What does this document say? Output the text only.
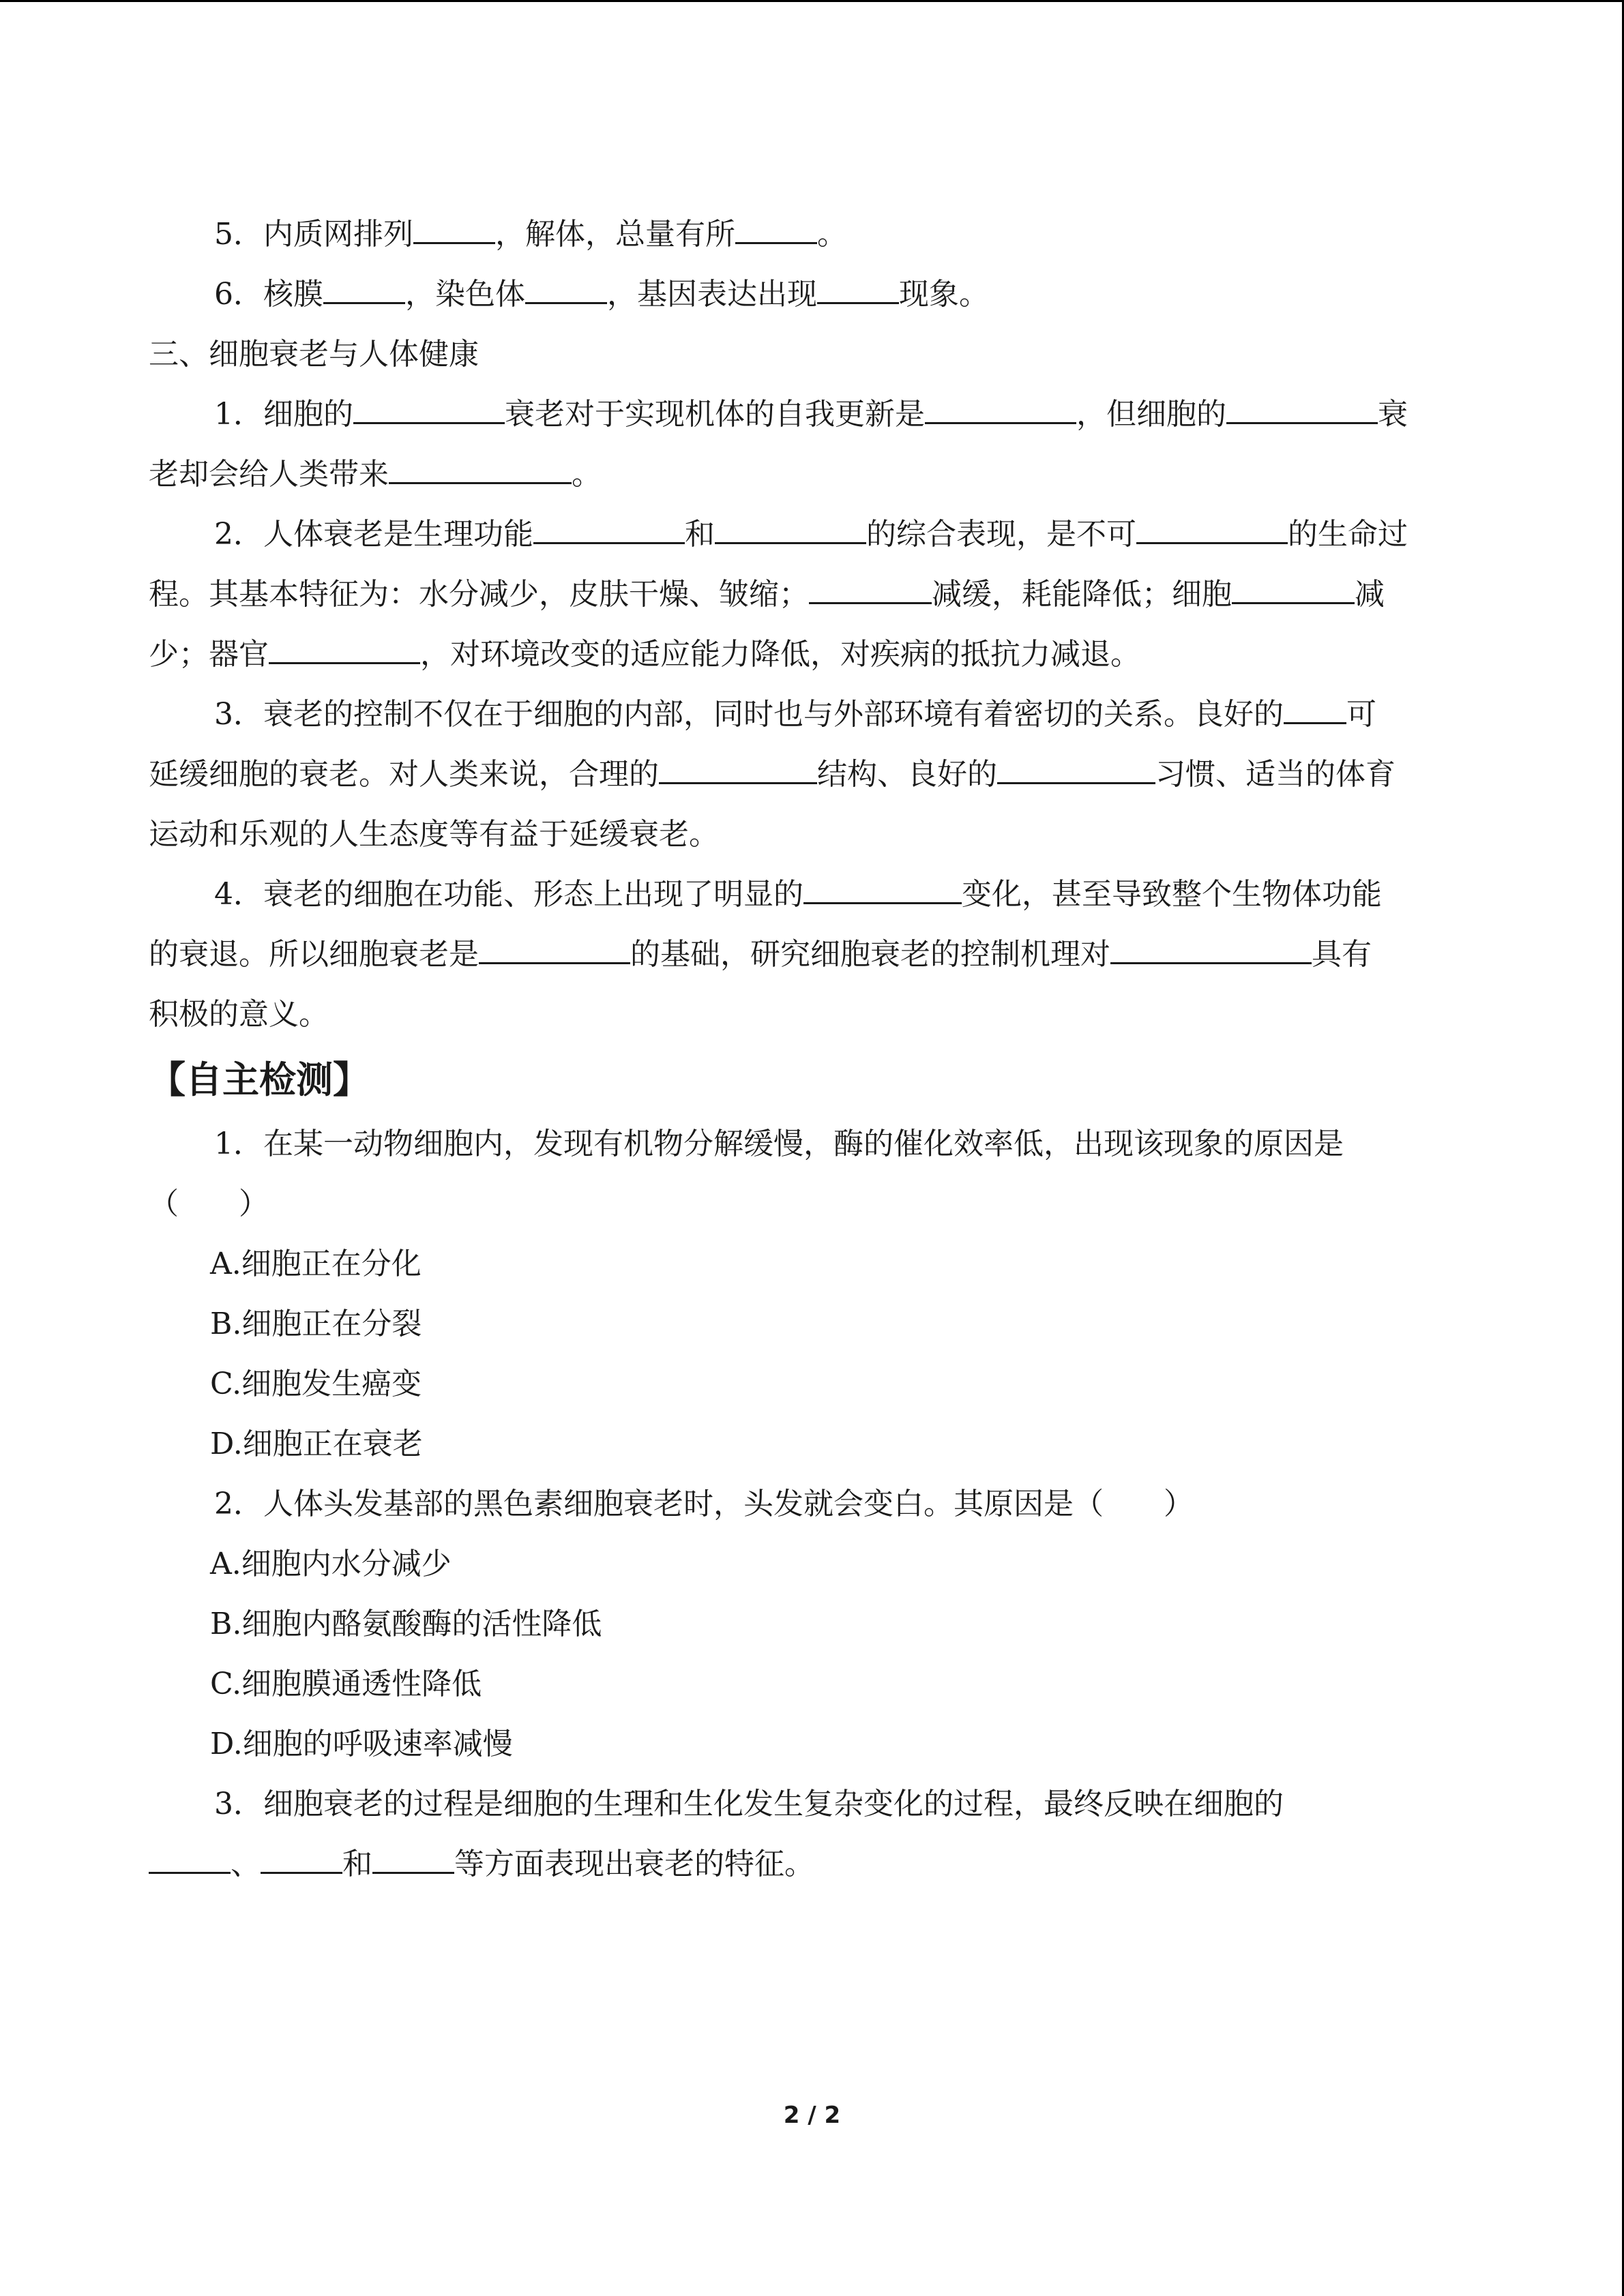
5．内质网排列	，解体，总量有所	。
6．核膜	，染色体	，基因表达出现	现象。
三、细胞衰老与人体健康
1．细胞的	衰老对于实现机体的自我更新是	，但细胞的	衰
老却会给人类带来	。
2．人体衰老是生理功能	和	的综合表现，是不可	的生命过
程。其基本特征为：水分减少，皮肤干燥、皱缩；	减缓，耗能降低；细胞	减
少；器官	，对环境改变的适应能力降低，对疾病的抵抗力减退。
3．衰老的控制不仅在于细胞的内部，同时也与外部环境有着密切的关系。良好的 可
延缓细胞的衰老。对人类来说，合理的	结构、良好的	习惯、适当的体育
运动和乐观的人生态度等有益于延缓衰老。
4．衰老的细胞在功能、形态上出现了明显的	变化，甚至导致整个生物体功能
的衰退。所以细胞衰老是	的基础，研究细胞衰老的控制机理对	具有
积极的意义。
【自主检测】
1．在某一动物细胞内，发现有机物分解缓慢，酶的催化效率低，出现该现象的原因是
（　　）
A.细胞正在分化
B.细胞正在分裂
C.细胞发生癌变
D.细胞正在衰老
2．人体头发基部的黑色素细胞衰老时，头发就会变白。其原因是（　　）
A.细胞内水分减少
B.细胞内酪氨酸酶的活性降低
C.细胞膜通透性降低
D.细胞的呼吸速率减慢
3．细胞衰老的过程是细胞的生理和生化发生复杂变化的过程，最终反映在细胞的
、	和	等方面表现出衰老的特征。
2 / 2
